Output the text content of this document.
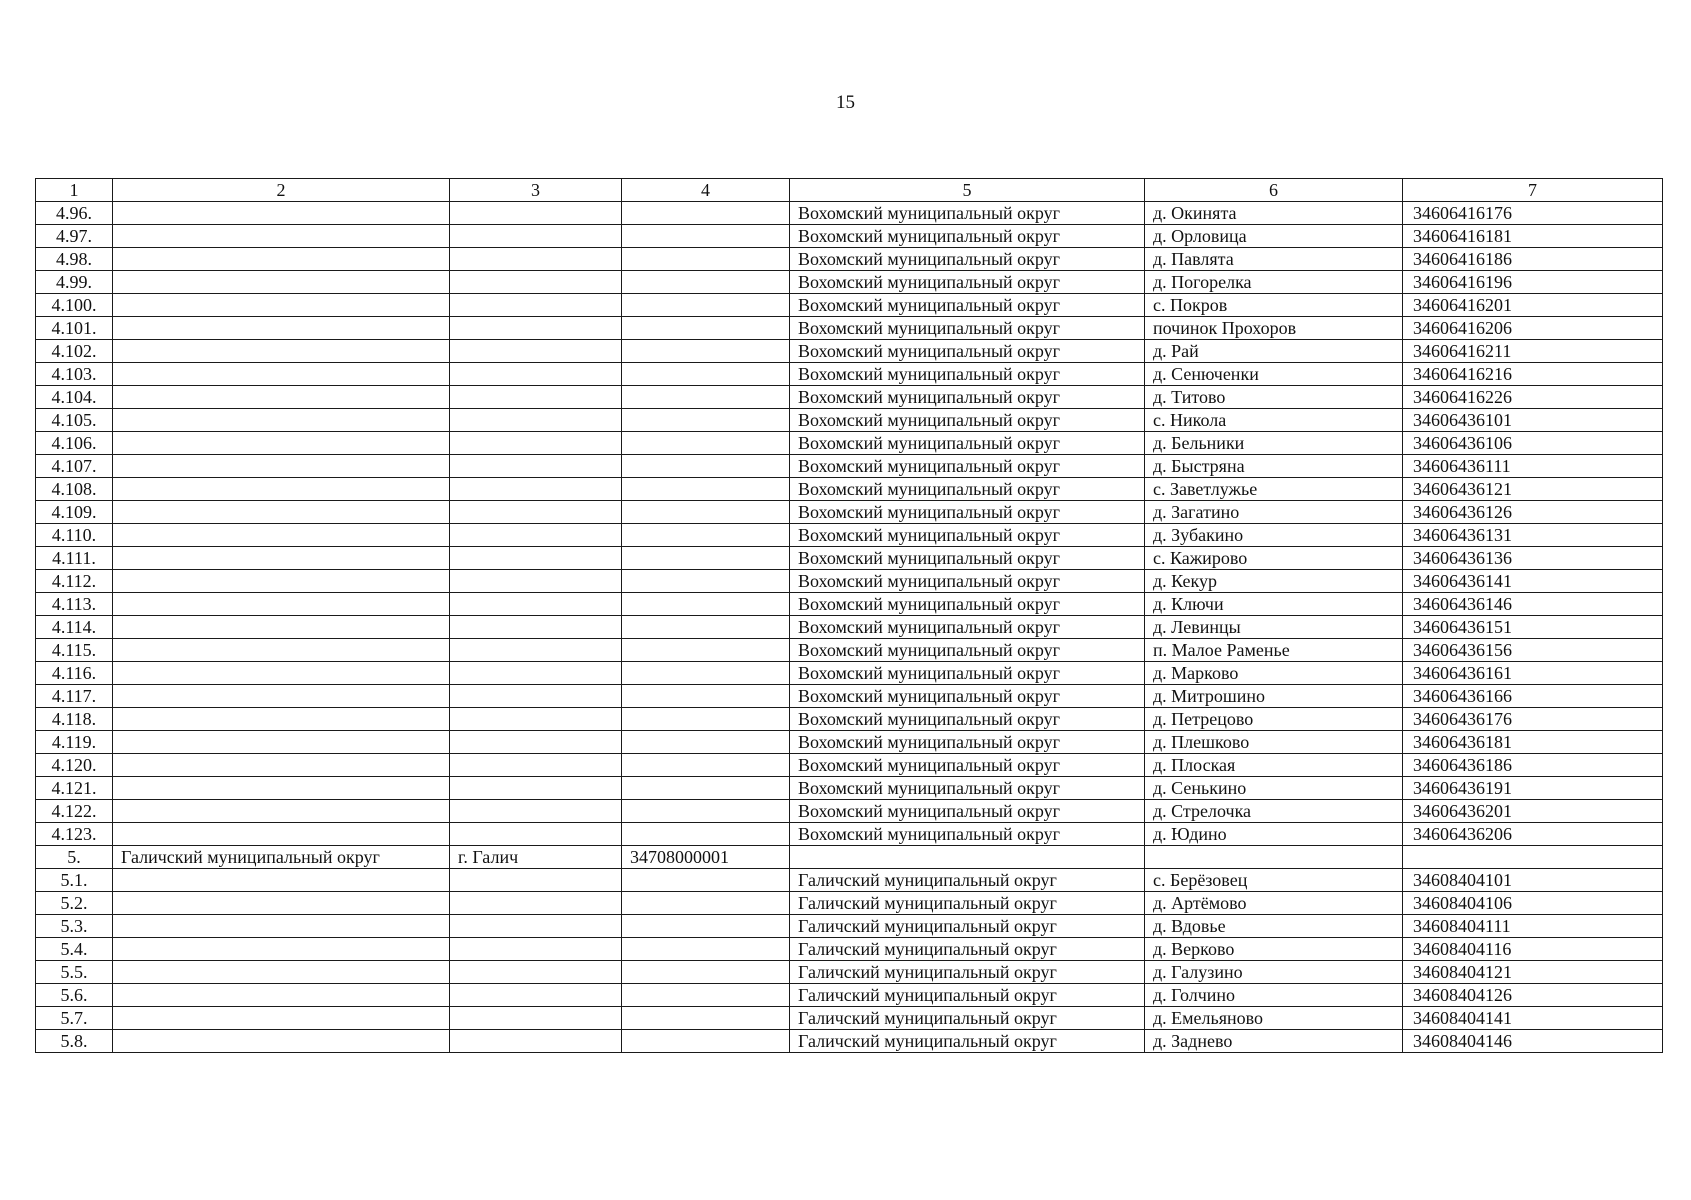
15
1	2	3	4	5	6	7
4.96.				Вохомский муниципальный округ	д. Окинята	34606416176
4.97.				Вохомский муниципальный округ	д. Орловица	34606416181
4.98.				Вохомский муниципальный округ	д. Павлята	34606416186
4.99.				Вохомский муниципальный округ	д. Погорелка	34606416196
4.100.				Вохомский муниципальный округ	с. Покров	34606416201
4.101.				Вохомский муниципальный округ	починок Прохоров	34606416206
4.102.				Вохомский муниципальный округ	д. Рай	34606416211
4.103.				Вохомский муниципальный округ	д. Сенюченки	34606416216
4.104.				Вохомский муниципальный округ	д. Титово	34606416226
4.105.				Вохомский муниципальный округ	с. Никола	34606436101
4.106.				Вохомский муниципальный округ	д. Бельники	34606436106
4.107.				Вохомский муниципальный округ	д. Быстряна	34606436111
4.108.				Вохомский муниципальный округ	с. Заветлужье	34606436121
4.109.				Вохомский муниципальный округ	д. Загатино	34606436126
4.110.				Вохомский муниципальный округ	д. Зубакино	34606436131
4.111.				Вохомский муниципальный округ	с. Кажирово	34606436136
4.112.				Вохомский муниципальный округ	д. Кекур	34606436141
4.113.				Вохомский муниципальный округ	д. Ключи	34606436146
4.114.				Вохомский муниципальный округ	д. Левинцы	34606436151
4.115.				Вохомский муниципальный округ	п. Малое Раменье	34606436156
4.116.				Вохомский муниципальный округ	д. Марково	34606436161
4.117.				Вохомский муниципальный округ	д. Митрошино	34606436166
4.118.				Вохомский муниципальный округ	д. Петрецово	34606436176
4.119.				Вохомский муниципальный округ	д. Плешково	34606436181
4.120.				Вохомский муниципальный округ	д. Плоская	34606436186
4.121.				Вохомский муниципальный округ	д. Сенькино	34606436191
4.122.				Вохомский муниципальный округ	д. Стрелочка	34606436201
4.123.				Вохомский муниципальный округ	д. Юдино	34606436206
5.	Галичский муниципальный округ	г. Галич	34708000001			
5.1.				Галичский муниципальный округ	с. Берёзовец	34608404101
5.2.				Галичский муниципальный округ	д. Артёмово	34608404106
5.3.				Галичский муниципальный округ	д. Вдовье	34608404111
5.4.				Галичский муниципальный округ	д. Верково	34608404116
5.5.				Галичский муниципальный округ	д. Галузино	34608404121
5.6.				Галичский муниципальный округ	д. Голчино	34608404126
5.7.				Галичский муниципальный округ	д. Емельяново	34608404141
5.8.				Галичский муниципальный округ	д. Заднево	34608404146
